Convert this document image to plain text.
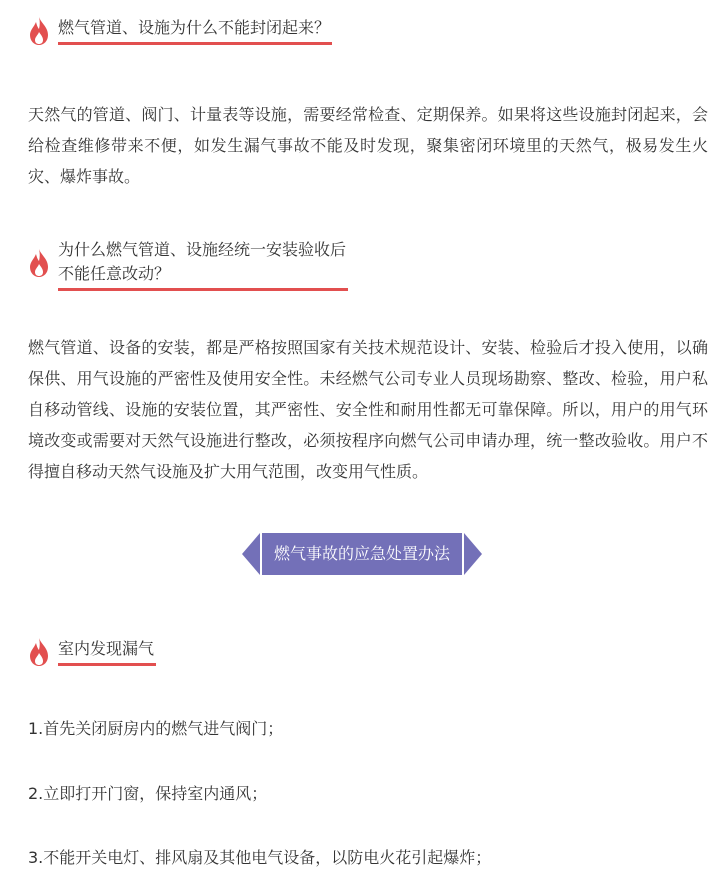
燃气管道、设施为什么不能封闭起来？

天然气的管道、阀门、计量表等设施，需要经常检查、定期保养。如果将这些设施封闭起来，会给检查维修带来不便，如发生漏气事故不能及时发现，聚集密闭环境里的天然气，极易发生火灾、爆炸事故。

为什么燃气管道、设施经统一安装验收后
不能任意改动？

燃气管道、设备的安装，都是严格按照国家有关技术规范设计、安装、检验后才投入使用，以确保供、用气设施的严密性及使用安全性。未经燃气公司专业人员现场勘察、整改、检验，用户私自移动管线、设施的安装位置，其严密性、安全性和耐用性都无可靠保障。所以，用户的用气环境改变或需要对天然气设施进行整改，必须按程序向燃气公司申请办理，统一整改验收。用户不得擅自移动天然气设施及扩大用气范围，改变用气性质。

燃气事故的应急处置办法
室内发现漏气

1.首先关闭厨房内的燃气进气阀门；

2.立即打开门窗，保持室内通风；

3.不能开关电灯、排风扇及其他电气设备，以防电火花引起爆炸；
